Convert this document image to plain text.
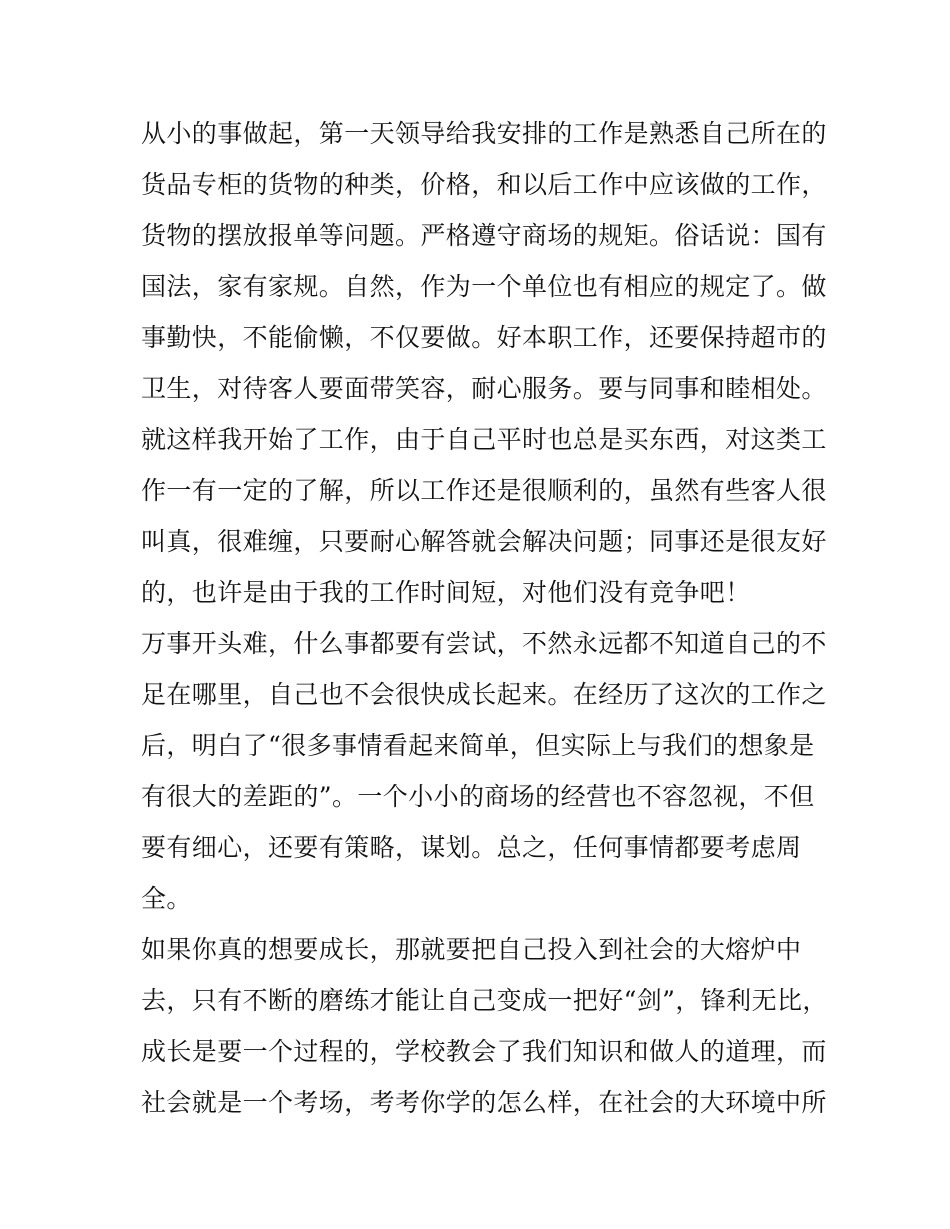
从小的事做起，第一天领导给我安排的工作是熟悉自己所在的
货品专柜的货物的种类，价格，和以后工作中应该做的工作，
货物的摆放报单等问题。严格遵守商场的规矩。俗话说：国有
国法，家有家规。自然，作为一个单位也有相应的规定了。做
事勤快，不能偷懒，不仅要做。好本职工作，还要保持超市的
卫生，对待客人要面带笑容，耐心服务。要与同事和睦相处。
就这样我开始了工作，由于自己平时也总是买东西，对这类工
作一有一定的了解，所以工作还是很顺利的，虽然有些客人很
叫真，很难缠，只要耐心解答就会解决问题；同事还是很友好
的，也许是由于我的工作时间短，对他们没有竞争吧！
万事开头难，什么事都要有尝试，不然永远都不知道自己的不
足在哪里，自己也不会很快成长起来。在经历了这次的工作之
后，明白了“很多事情看起来简单，但实际上与我们的想象是
有很大的差距的”。一个小小的商场的经营也不容忽视，不但
要有细心，还要有策略，谋划。总之，任何事情都要考虑周
全。
如果你真的想要成长，那就要把自己投入到社会的大熔炉中
去，只有不断的磨练才能让自己变成一把好“剑”，锋利无比，
成长是要一个过程的，学校教会了我们知识和做人的道理，而
社会就是一个考场，考考你学的怎么样，在社会的大环境中所
